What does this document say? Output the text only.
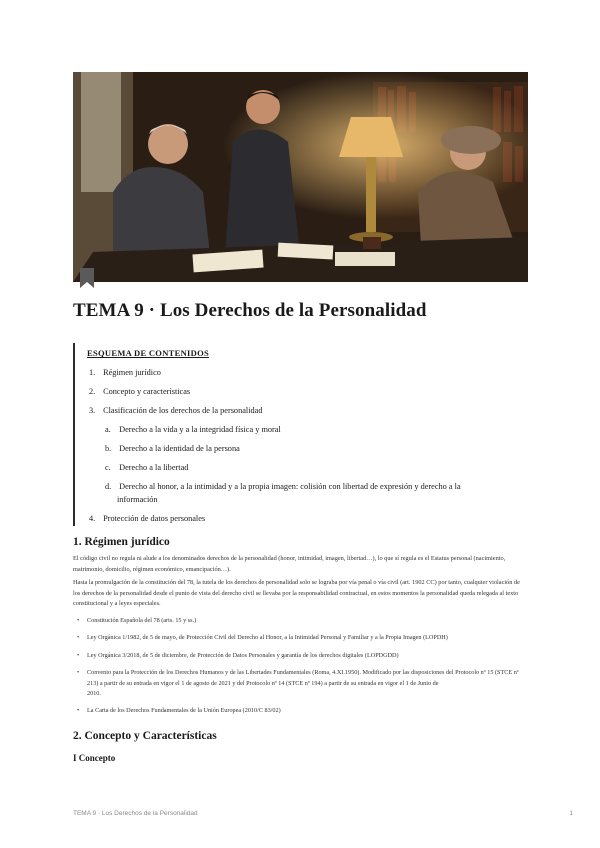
TEMA 9 · Los Derechos de la Personalidad
ESQUEMA DE CONTENIDOS
1. Régimen jurídico
2. Concepto y características
3. Clasificación de los derechos de la personalidad
a. Derecho a la vida y a la integridad física y moral
b. Derecho a la identidad de la persona
c. Derecho a la libertad
d. Derecho al honor, a la intimidad y a la propia imagen: colisión con libertad de expresión y derecho a la
información
4. Protección de datos personales
1. Régimen jurídico
El código civil no regula ni alude a los denominados derechos de la personalidad (honor, intimidad, imagen, libertad…), lo que sí regula es el Estatus personal (nacimiento, matrimonio, domicilio, régimen económico, emancipación…).
Hasta la promulgación de la constitución del 78, la tutela de los derechos de personalidad solo se lograba por vía penal o vía civil (art. 1902 CC) por tanto, cualquier violación de los derechos de la personalidad desde el punto de vista del derecho civil se llevaba por la responsabilidad contractual, en estos momentos la personalidad queda relegada al texto constitucional y a leyes especiales.
• Constitución Española del 78 (arts. 15 y ss.)
• Ley Orgánica 1/1982, de 5 de mayo, de Protección Civil del Derecho al Honor, a la Intimidad Personal y Familiar y a la Propia Imagen (LOPDH)
• Ley Orgánica 3/2018, de 5 de diciembre, de Protección de Datos Personales y garantía de los derechos digitales (LOPDGDD)
• Convenio para la Protección de los Derechos Humanos y de las Libertades Fundamentales (Roma, 4.XI.1950). Modificado por las disposiciones del Protocolo nº 15 (STCE nº 213) a partir de su entrada en vigor el 1 de agosto de 2021 y del Protocolo nº 14 (STCE nº 194) a partir de su entrada en vigor el 1 de Junio de
2010.
• La Carta de los Derechos Fundamentales de la Unión Europea (2010/C 83/02)
2. Concepto y Características
I Concepto
TEMA 9 · Los Derechos de la Personalidad	1
